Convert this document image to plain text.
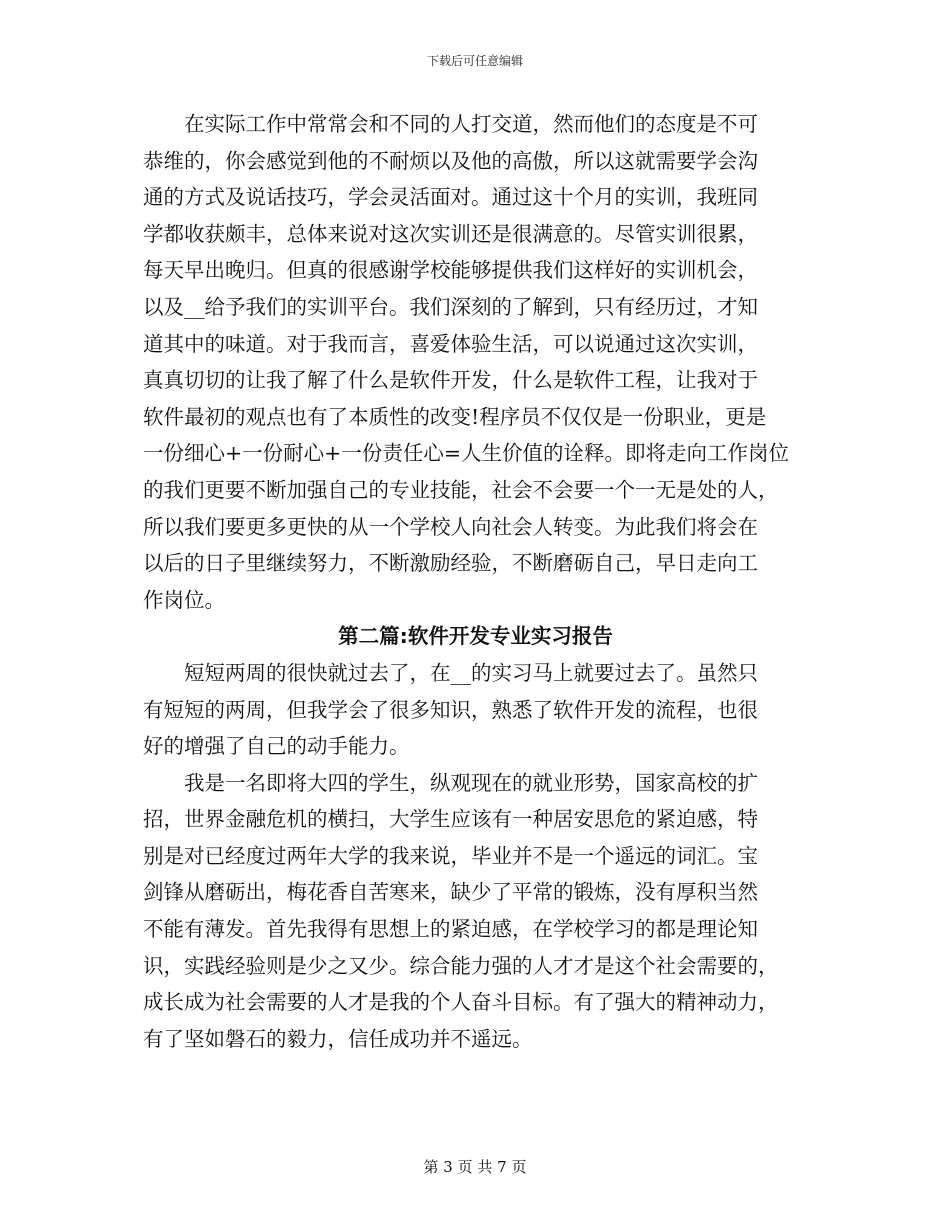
下载后可任意编辑
在实际工作中常常会和不同的人打交道，然而他们的态度是不可
恭维的，你会感觉到他的不耐烦以及他的高傲，所以这就需要学会沟
通的方式及说话技巧，学会灵活面对。通过这十个月的实训，我班同
学都收获颇丰，总体来说对这次实训还是很满意的。尽管实训很累，
每天早出晚归。但真的很感谢学校能够提供我们这样好的实训机会，
以及__给予我们的实训平台。我们深刻的了解到，只有经历过，才知
道其中的味道。对于我而言，喜爱体验生活，可以说通过这次实训，
真真切切的让我了解了什么是软件开发，什么是软件工程，让我对于
软件最初的观点也有了本质性的改变!程序员不仅仅是一份职业，更是
一份细心+一份耐心+一份责任心=人生价值的诠释。即将走向工作岗位
的我们更要不断加强自己的专业技能，社会不会要一个一无是处的人，
所以我们要更多更快的从一个学校人向社会人转变。为此我们将会在
以后的日子里继续努力，不断激励经验，不断磨砺自己，早日走向工
作岗位。
第二篇:软件开发专业实习报告
短短两周的很快就过去了，在__的实习马上就要过去了。虽然只
有短短的两周，但我学会了很多知识，熟悉了软件开发的流程，也很
好的增强了自己的动手能力。
我是一名即将大四的学生，纵观现在的就业形势，国家高校的扩
招，世界金融危机的横扫，大学生应该有一种居安思危的紧迫感，特
别是对已经度过两年大学的我来说，毕业并不是一个遥远的词汇。宝
剑锋从磨砺出，梅花香自苦寒来，缺少了平常的锻炼，没有厚积当然
不能有薄发。首先我得有思想上的紧迫感，在学校学习的都是理论知
识，实践经验则是少之又少。综合能力强的人才才是这个社会需要的，
成长成为社会需要的人才是我的个人奋斗目标。有了强大的精神动力，
有了坚如磐石的毅力，信任成功并不遥远。
第 3 页 共 7 页
